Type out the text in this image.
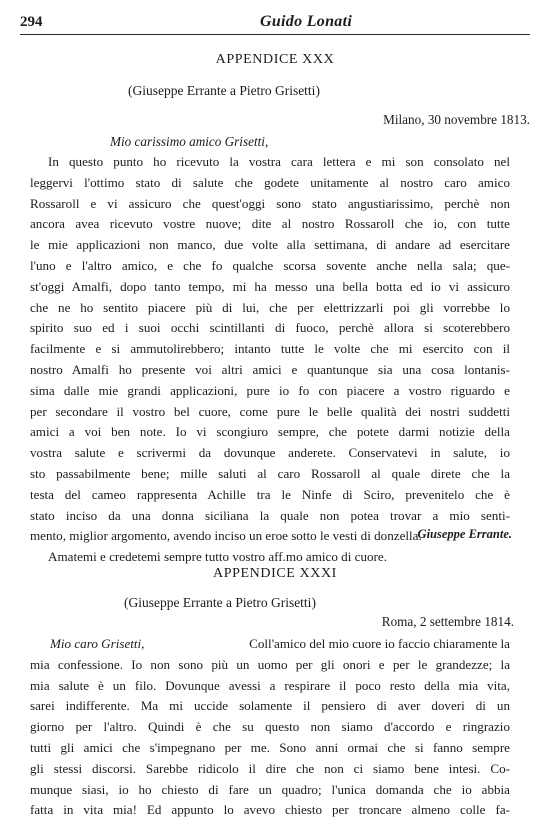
294	Guido Lonati
APPENDICE XXX
(Giuseppe Errante a Pietro Grisetti)
Milano, 30 novembre 1813.
Mio carissimo amico Grisetti,
In questo punto ho ricevuto la vostra cara lettera e mi son consolato nel
leggervi l'ottimo stato di salute che godete unitamente al nostro caro amico
Rossaroll e vi assicuro che quest'oggi sono stato angustiarissimo, perchè non
ancora avea ricevuto vostre nuove; dite al nostro Rossaroll che io, con tutte
le mie applicazioni non manco, due volte alla settimana, di andare ad esercitare
l'uno e l'altro amico, e che fo qualche scorsa sovente anche nella sala; que-
st'oggi Amalfi, dopo tanto tempo, mi ha messo una bella botta ed io vi assicuro
che ne ho sentito piacere più di lui, che per elettrizzarli poi gli vorrebbe lo
spirito suo ed i suoi occhi scintillanti di fuoco, perchè allora si scoterebbero
facilmente e si ammutolirebbero; intanto tutte le volte che mi esercito con il
nostro Amalfi ho presente voi altri amici e quantunque sia una cosa lontanis-
sima dalle mie grandi applicazioni, pure io fo con piacere a vostro riguardo e
per secondare il vostro bel cuore, come pure le belle qualità dei nostri suddetti
amici a voi ben note. Io vi scongiuro sempre, che potete darmi notizie della
vostra salute e scrivermi da dovunque anderete. Conservatevi in salute, io
sto passabilmente bene; mille saluti al caro Rossaroll al quale direte che la
testa del cameo rappresenta Achille tra le Ninfe di Sciro, prevenitelo che è
stato inciso da una donna siciliana la quale non potea trovar a mio senti-
mento, miglior argomento, avendo inciso un eroe sotto le vesti di donzella.
Amatemi e credetemi sempre tutto vostro aff.mo amico di cuore.
Giuseppe Errante.
APPENDICE XXXI
(Giuseppe Errante a Pietro Grisetti)
Roma, 2 settembre 1814.
Mio caro Grisetti,	Coll'amico del mio cuore io faccio chiaramente la
mia confessione. Io non sono più un uomo per gli onori e per le grandezze; la
mia salute è un filo. Dovunque avessi a respirare il poco resto della mia vita,
sarei indifferente. Ma mi uccide solamente il pensiero di aver doveri di un
giorno per l'altro. Quindi è che su questo non siamo d'accordo e ringrazio
tutti gli amici che s'impegnano per me. Sono anni ormai che si fanno sempre
gli stessi discorsi. Sarebbe ridicolo il dire che non ci siamo bene intesi. Co-
munque siasi, io ho chiesto di fare un quadro; l'unica domanda che io abbia
fatta in vita mia! Ed appunto lo avevo chiesto per troncare almeno colle fa-
